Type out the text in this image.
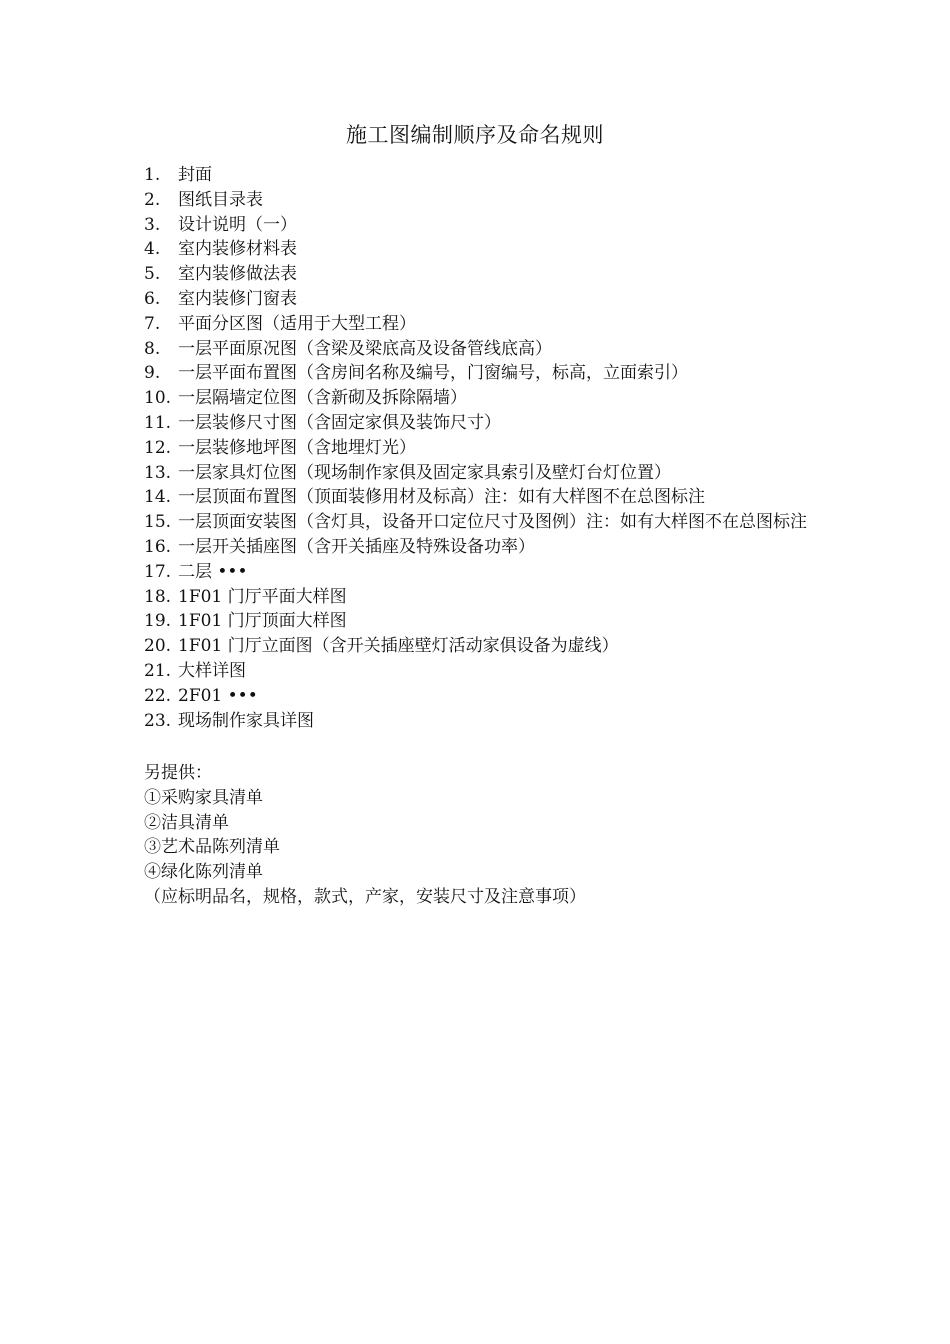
施工图编制顺序及命名规则
1.	封面
2.	图纸目录表
3.	设计说明（一）
4.	室内装修材料表
5.	室内装修做法表
6.	室内装修门窗表
7.	平面分区图（适用于大型工程）
8.	一层平面原况图（含梁及梁底高及设备管线底高）
9.	一层平面布置图（含房间名称及编号，门窗编号，标高，立面索引）
10. 一层隔墙定位图（含新砌及拆除隔墙）
11. 一层装修尺寸图（含固定家俱及装饰尺寸）
12. 一层装修地坪图（含地埋灯光）
13. 一层家具灯位图（现场制作家俱及固定家具索引及壁灯台灯位置）
14. 一层顶面布置图（顶面装修用材及标高）注：如有大样图不在总图标注
15. 一层顶面安装图（含灯具，设备开口定位尺寸及图例）注：如有大样图不在总图标注
16. 一层开关插座图（含开关插座及特殊设备功率）
17. 二层 •••
18. 1F01 门厅平面大样图
19. 1F01 门厅顶面大样图
20. 1F01 门厅立面图（含开关插座壁灯活动家俱设备为虚线）
21. 大样详图
22. 2F01 •••
23. 现场制作家具详图
另提供：
①采购家具清单
②洁具清单
③艺术品陈列清单
④绿化陈列清单
（应标明品名，规格，款式，产家，安装尺寸及注意事项）
